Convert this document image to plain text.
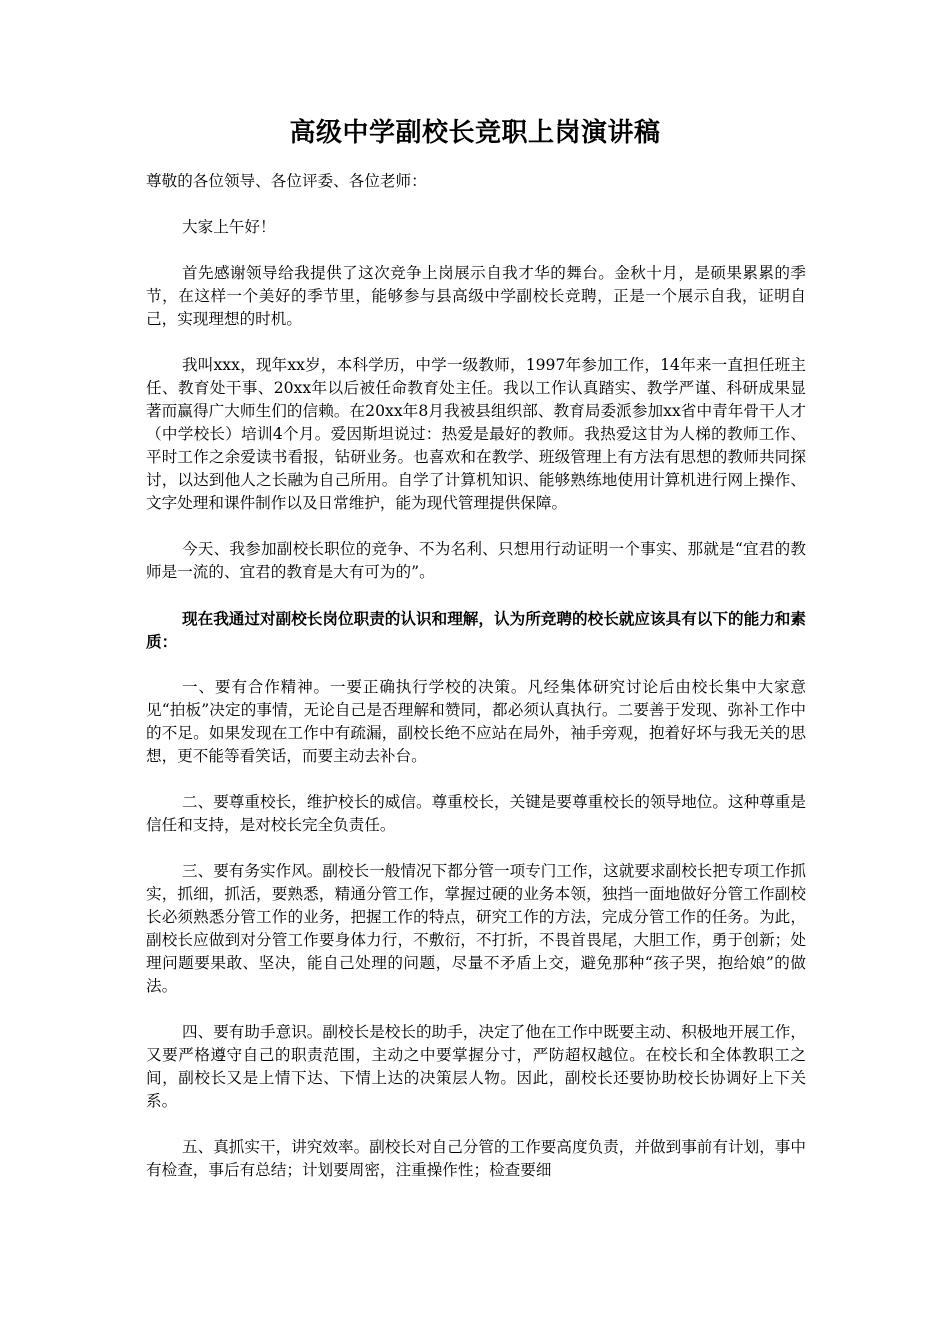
高级中学副校长竞职上岗演讲稿

尊敬的各位领导、各位评委、各位老师：

大家上午好！

首先感谢领导给我提供了这次竞争上岗展示自我才华的舞台。金秋十月，是硕果累累的季节，在这样一个美好的季节里，能够参与县高级中学副校长竞聘，正是一个展示自我，证明自己，实现理想的时机。

我叫xxx，现年xx岁，本科学历，中学一级教师，1997年参加工作，14年来一直担任班主任、教育处干事、20xx年以后被任命教育处主任。我以工作认真踏实、教学严谨、科研成果显著而赢得广大师生们的信赖。在20xx年8月我被县组织部、教育局委派参加xx省中青年骨干人才（中学校长）培训4个月。爱因斯坦说过：热爱是最好的教师。我热爱这甘为人梯的教师工作、平时工作之余爱读书看报，钻研业务。也喜欢和在教学、班级管理上有方法有思想的教师共同探讨，以达到他人之长融为自己所用。自学了计算机知识、能够熟练地使用计算机进行网上操作、文字处理和课件制作以及日常维护，能为现代管理提供保障。

今天、我参加副校长职位的竞争、不为名利、只想用行动证明一个事实、那就是“宜君的教师是一流的、宜君的教育是大有可为的”。

现在我通过对副校长岗位职责的认识和理解，认为所竞聘的校长就应该具有以下的能力和素质：

一、要有合作精神。一要正确执行学校的决策。凡经集体研究讨论后由校长集中大家意见“拍板”决定的事情，无论自己是否理解和赞同，都必须认真执行。二要善于发现、弥补工作中的不足。如果发现在工作中有疏漏，副校长绝不应站在局外，袖手旁观，抱着好坏与我无关的思想，更不能等看笑话，而要主动去补台。

二、要尊重校长，维护校长的威信。尊重校长，关键是要尊重校长的领导地位。这种尊重是信任和支持，是对校长完全负责任。

三、要有务实作风。副校长一般情况下都分管一项专门工作，这就要求副校长把专项工作抓实，抓细，抓活，要熟悉，精通分管工作，掌握过硬的业务本领，独挡一面地做好分管工作副校长必须熟悉分管工作的业务，把握工作的特点，研究工作的方法，完成分管工作的任务。为此，副校长应做到对分管工作要身体力行，不敷衍，不打折，不畏首畏尾，大胆工作，勇于创新；处理问题要果敢、坚决，能自己处理的问题，尽量不矛盾上交，避免那种“孩子哭，抱给娘”的做法。

四、要有助手意识。副校长是校长的助手，决定了他在工作中既要主动、积极地开展工作，又要严格遵守自己的职责范围，主动之中要掌握分寸，严防超权越位。在校长和全体教职工之间，副校长又是上情下达、下情上达的决策层人物。因此，副校长还要协助校长协调好上下关系。

五、真抓实干，讲究效率。副校长对自己分管的工作要高度负责，并做到事前有计划，事中有检查，事后有总结；计划要周密，注重操作性；检查要细
